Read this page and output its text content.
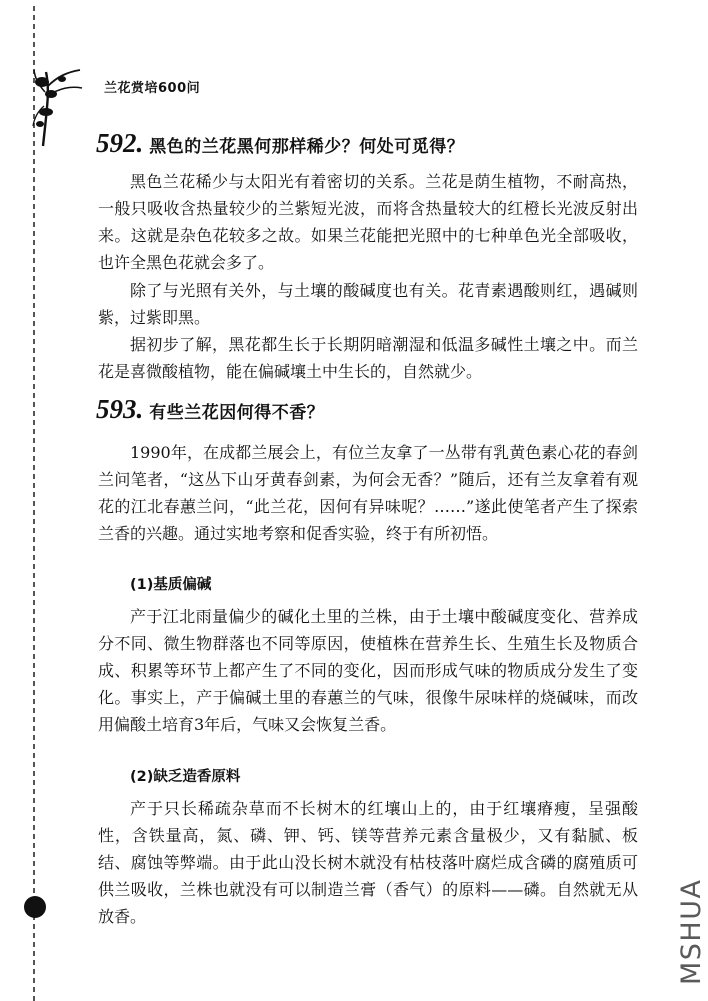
兰花赏培600问
592. 黑色的兰花黑何那样稀少？何处可觅得？

黑色兰花稀少与太阳光有着密切的关系。兰花是荫生植物，不耐高热，一般只吸收含热量较少的兰紫短光波，而将含热量较大的红橙长光波反射出来。这就是杂色花较多之故。如果兰花能把光照中的七种单色光全部吸收，也许全黑色花就会多了。

除了与光照有关外，与土壤的酸碱度也有关。花青素遇酸则红，遇碱则紫，过紫即黑。

据初步了解，黑花都生长于长期阴暗潮湿和低温多碱性土壤之中。而兰花是喜微酸植物，能在偏碱壤土中生长的，自然就少。

593. 有些兰花因何得不香？

1990年，在成都兰展会上，有位兰友拿了一丛带有乳黄色素心花的春剑兰问笔者，“这丛下山牙黄春剑素，为何会无香？”随后，还有兰友拿着有观花的江北春蕙兰问，“此兰花，因何有异味呢？……”遂此使笔者产生了探索兰香的兴趣。通过实地考察和促香实验，终于有所初悟。

(1)基质偏碱

产于江北雨量偏少的碱化土里的兰株，由于土壤中酸碱度变化、营养成分不同、微生物群落也不同等原因，使植株在营养生长、生殖生长及物质合成、积累等环节上都产生了不同的变化，因而形成气味的物质成分发生了变化。事实上，产于偏碱土里的春蕙兰的气味，很像牛尿味样的烧碱味，而改用偏酸土培育3年后，气味又会恢复兰香。

(2)缺乏造香原料

产于只长稀疏杂草而不长树木的红壤山上的，由于红壤瘠瘦，呈强酸性，含铁量高，氮、磷、钾、钙、镁等营养元素含量极少，又有黏腻、板结、腐蚀等弊端。由于此山没长树木就没有枯枝落叶腐烂成含磷的腐殖质可供兰吸收，兰株也就没有可以制造兰膏（香气）的原料——磷。自然就无从放香。	MSHUA
